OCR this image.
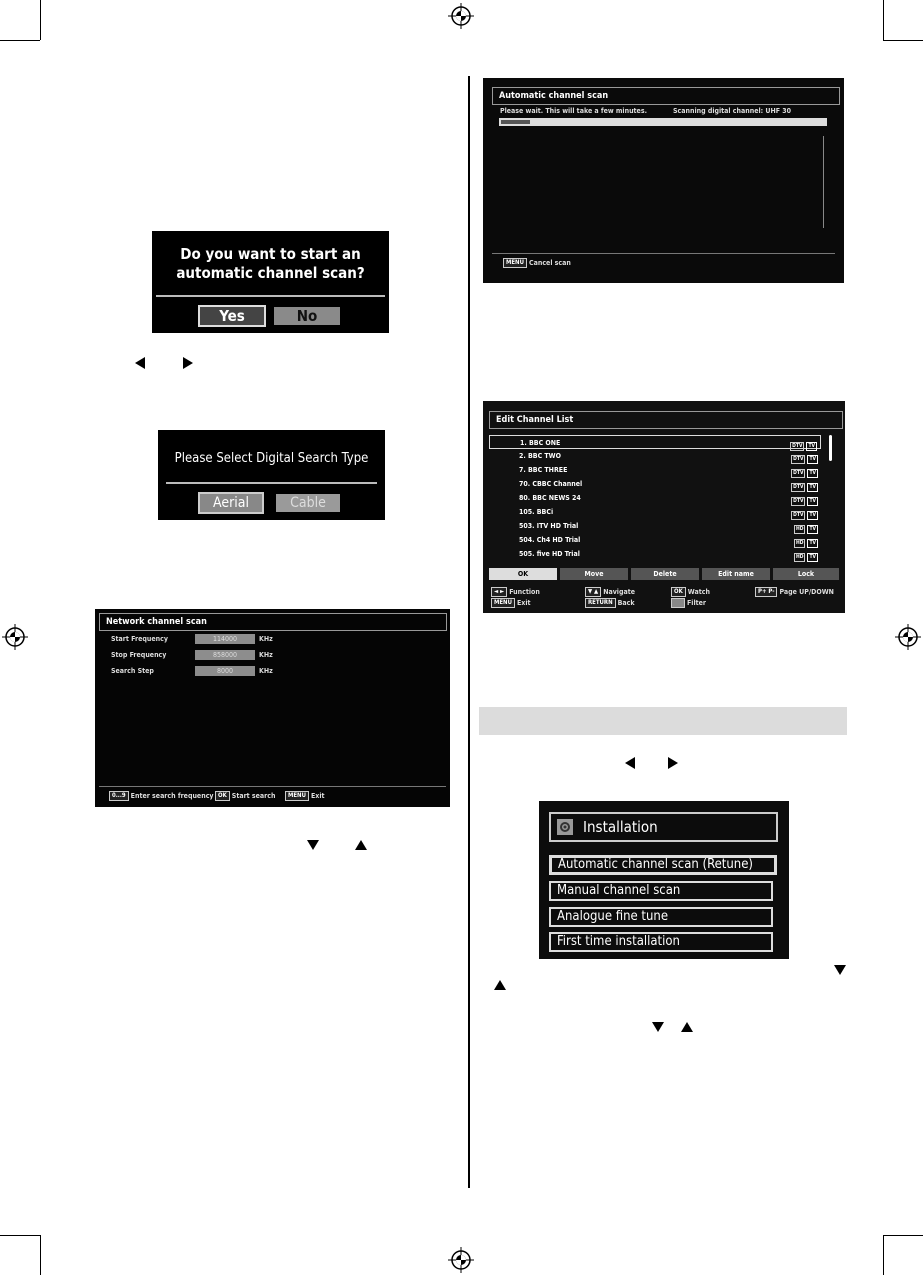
Do you want to start an automatic channel scan?
Yes	No
Please Select Digital Search Type
Aerial	Cable
Network channel scan
Start Frequency	114000	KHz
Stop Frequency	858000	KHz
Search Step	8000	KHz
0...9 Enter search frequency OK Start search	MENU Exit
Automatic channel scan
Please wait. This will take a few minutes.	Scanning digital channel: UHF 30
MENU Cancel scan
Edit Channel List
1. BBC ONE	DTV TV
2. BBC TWO	DTV TV
7. BBC THREE	DTV TV
70. CBBC Channel	DTV TV
80. BBC NEWS 24	DTV TV
105. BBCi	DTV TV
503. ITV HD Trial	HD TV
504. Ch4 HD Trial	HD TV
505. five HD Trial	HD TV
OK	Move	Delete	Edit name	Lock
◄ ► Function	▼ ▲ Navigate	OK Watch	P+ P- Page UP/DOWN
MENU Exit	RETURN Back	Filter
Installation
Automatic channel scan (Retune)
Manual channel scan
Analogue fine tune
First time installation
